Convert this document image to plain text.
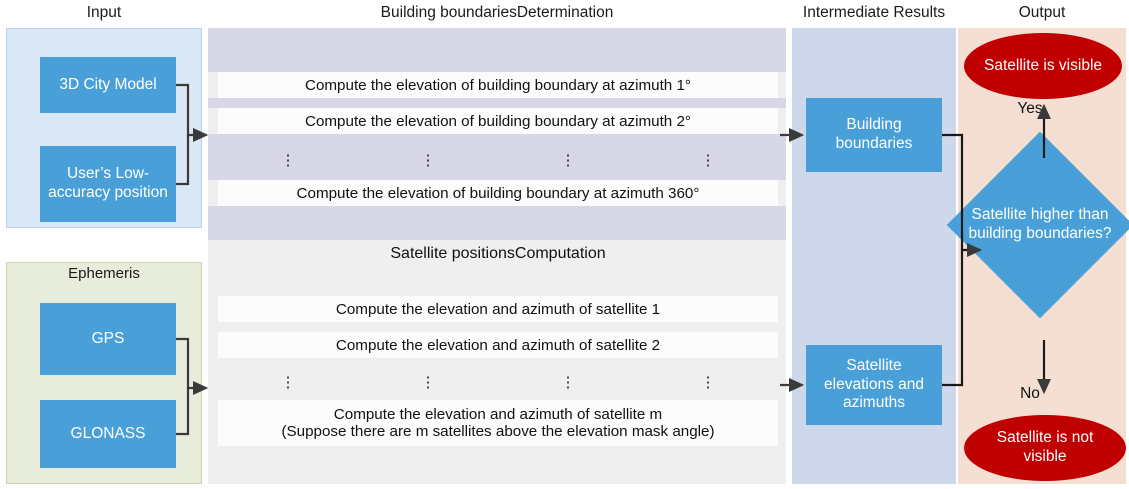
Input	Building boundariesDetermination	Intermediate Results	Output
Ephemeris
3D City Model
User’s Low-accuracy position
GPS
GLONASS
Compute the elevation of building boundary at azimuth 1°
Compute the elevation of building boundary at azimuth 2°
⋮	⋮	⋮	⋮
Compute the elevation of building boundary at azimuth 360°
Satellite positionsComputation
Compute the elevation and azimuth of satellite 1
Compute the elevation and azimuth of satellite 2
⋮	⋮	⋮	⋮
Compute the elevation and azimuth of satellite m
(Suppose there are m satellites above the elevation mask angle)
Building boundaries
Satellite elevations and azimuths
Satellite is visible
Satellite is not visible
Satellite higher than building boundaries?
Yes
No
